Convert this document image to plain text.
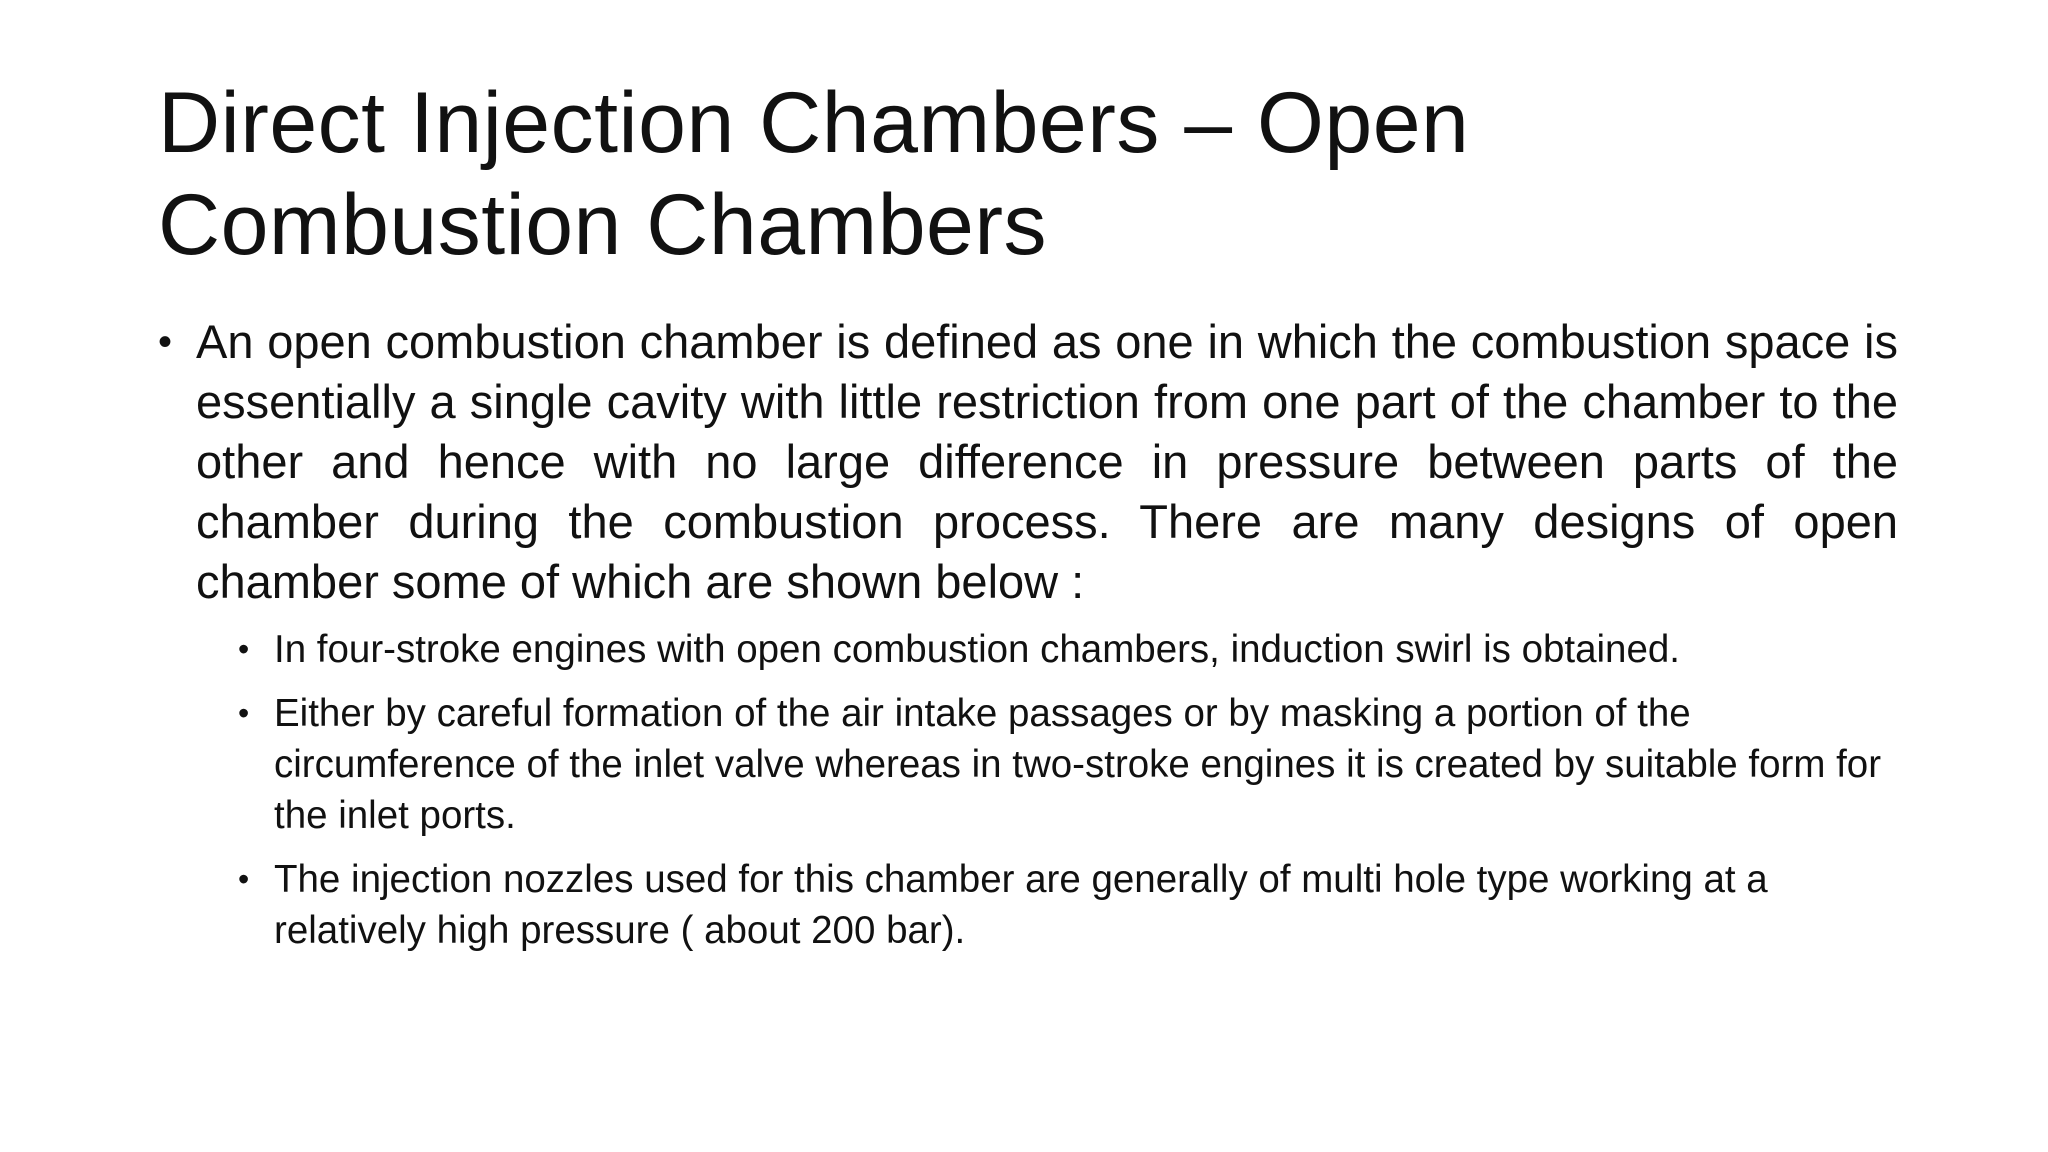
Direct Injection Chambers – Open
Combustion Chambers

• An open combustion chamber is defined as one in which the combustion space is essentially a single cavity with little restriction from one part of the chamber to the other and hence with no large difference in pressure between parts of the chamber during the combustion process. There are many designs of open chamber some of which are shown below :

• In four-stroke engines with open combustion chambers, induction swirl is obtained.
• Either by careful formation of the air intake passages or by masking a portion of the circumference of the inlet valve whereas in two-stroke engines it is created by suitable form for the inlet ports.
• The injection nozzles used for this chamber are generally of multi hole type working at a relatively high pressure ( about 200 bar).
